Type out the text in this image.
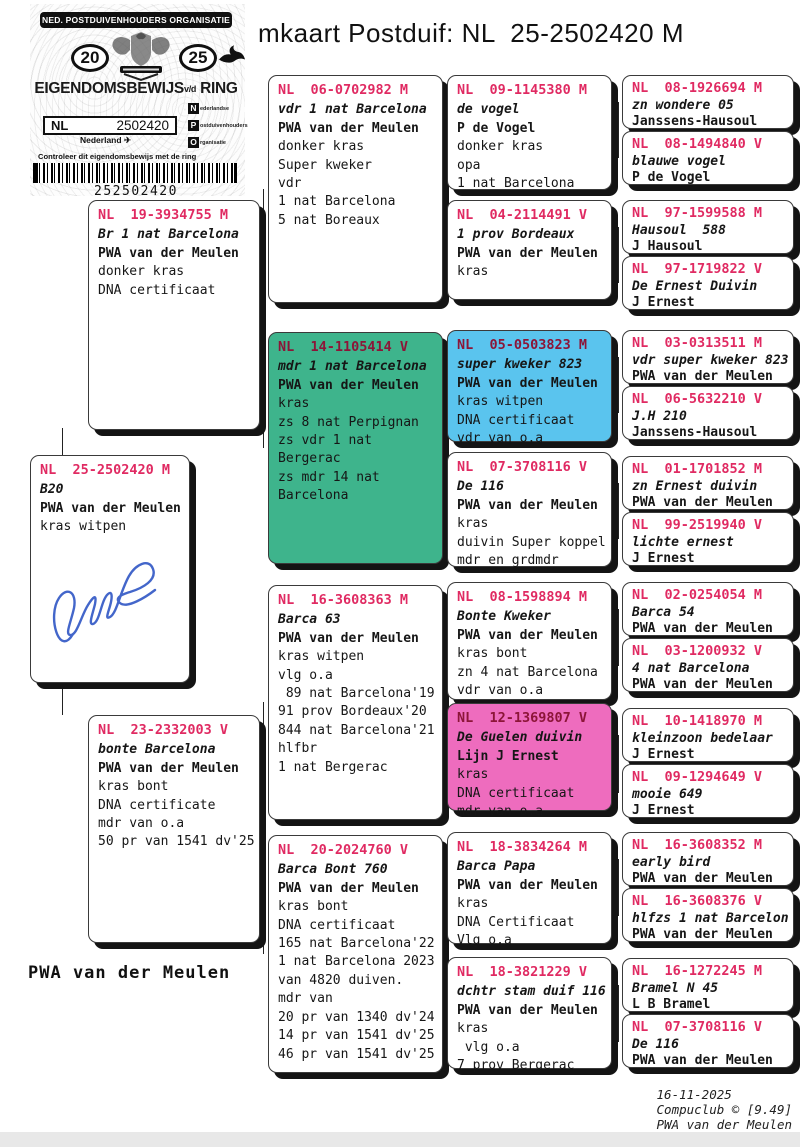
mkaart Postduif: NL  25-2502420 M
NED. POSTDUIVENHOUDERS ORGANISATIE
20	25
EIGENDOMSBEWIJSv/d RING
NL	2502420
N ederlandse
P ostduivenhouders
O rganisatie
Nederland ✈
Controleer dit eigendomsbewijs met de ring
252502420
NL  19-3934755 M
Br 1 nat Barcelona
PWA van der Meulen
donker kras
DNA certificaat
NL  25-2502420 M
B20
PWA van der Meulen
kras witpen
NL  23-2332003 V
bonte Barcelona
PWA van der Meulen
kras bont
DNA certificate
mdr van o.a
50 pr van 1541 dv'25
NL  06-0702982 M
vdr 1 nat Barcelona
PWA van der Meulen
donker kras
Super kweker
vdr
1 nat Barcelona
5 nat Boreaux
NL  14-1105414 V
mdr 1 nat Barcelona
PWA van der Meulen
kras
zs 8 nat Perpignan
zs vdr 1 nat
Bergerac
zs mdr 14 nat
Barcelona
NL  16-3608363 M
Barca 63
PWA van der Meulen
kras witpen
vlg o.a
89 nat Barcelona'19
91 prov Bordeaux'20
844 nat Barcelona'21
hlfbr
1 nat Bergerac
NL  20-2024760 V
Barca Bont 760
PWA van der Meulen
kras bont
DNA certificaat
165 nat Barcelona'22
1 nat Barcelona 2023
van 4820 duiven.
mdr van
20 pr van 1340 dv'24
14 pr van 1541 dv'25
46 pr van 1541 dv'25
NL  09-1145380 M
de vogel
P de Vogel
donker kras
opa
1 nat Barcelona
NL  04-2114491 V
1 prov Bordeaux
PWA van der Meulen
kras
NL  05-0503823 M
super kweker 823
PWA van der Meulen
kras witpen
DNA certificaat
vdr van o.a
NL  07-3708116 V
De 116
PWA van der Meulen
kras
duivin Super koppel
mdr en grdmdr
NL  08-1598894 M
Bonte Kweker
PWA van der Meulen
kras bont
zn 4 nat Barcelona
vdr van o.a
NL  12-1369807 V
De Guelen duivin
Lijn J Ernest
kras
DNA certificaat
mdr van o.a
NL  18-3834264 M
Barca Papa
PWA van der Meulen
kras
DNA Certificaat
Vlg o.a
NL  18-3821229 V
dchtr stam duif 116
PWA van der Meulen
kras
vlg o.a
7 prov Bergerac
NL  08-1926694 M
zn wondere 05
Janssens-Hausoul
NL  08-1494840 V
blauwe vogel
P de Vogel
NL  97-1599588 M
Hausoul  588
J Hausoul
NL  97-1719822 V
De Ernest Duivin
J Ernest
NL  03-0313511 M
vdr super kweker 823
PWA van der Meulen
NL  06-5632210 V
J.H 210
Janssens-Hausoul
NL  01-1701852 M
zn Ernest duivin
PWA van der Meulen
NL  99-2519940 V
lichte ernest
J Ernest
NL  02-0254054 M
Barca 54
PWA van der Meulen
NL  03-1200932 V
4 nat Barcelona
PWA van der Meulen
NL  10-1418970 M
kleinzoon bedelaar
J Ernest
NL  09-1294649 V
mooie 649
J Ernest
NL  16-3608352 M
early bird
PWA van der Meulen
NL  16-3608376 V
hlfzs 1 nat Barcelon
PWA van der Meulen
NL  16-1272245 M
Bramel N 45
L B Bramel
NL  07-3708116 V
De 116
PWA van der Meulen
PWA van der Meulen

16-11-2025
Compuclub © [9.49]
PWA van der Meulen
